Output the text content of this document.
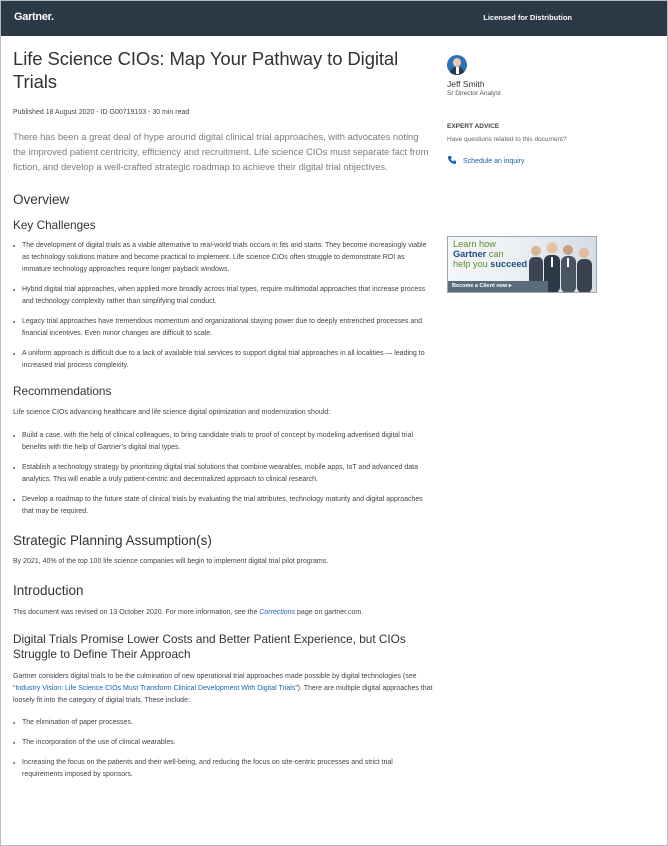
Gartner.	Licensed for Distribution
Life Science CIOs: Map Your Pathway to Digital Trials
Published 18 August 2020 - ID G00719103 - 30 min read

There has been a great deal of hype around digital clinical trial approaches, with advocates noting the improved patient centricity, efficiency and recruitment. Life science CIOs must separate fact from fiction, and develop a well-crafted strategic roadmap to achieve their digital trial objectives.

Overview
Key Challenges
■ The development of digital trials as a viable alternative to real-world trials occurs in fits and starts. They become increasingly viable as technology solutions mature and become practical to implement. Life science CIOs often struggle to demonstrate ROI as immature technology approaches require longer payback windows.
■ Hybrid digital trial approaches, when applied more broadly across trial types, require multimodal approaches that increase process and technology complexity rather than simplifying trial conduct.
■ Legacy trial approaches have tremendous momentum and organizational staying power due to deeply entrenched processes and financial incentives. Even minor changes are difficult to scale.
■ A uniform approach is difficult due to a lack of available trial services to support digital trial approaches in all localities — leading to increased trial process complexity.
Recommendations

Life science CIOs advancing healthcare and life science digital optimization and modernization should:

■ Build a case, with the help of clinical colleagues, to bring candidate trials to proof of concept by modeling advertised digital trial benefits with the help of Gartner’s digital trial types.
■ Establish a technology strategy by prioritizing digital trial solutions that combine wearables, mobile apps, IoT and advanced data analytics. This will enable a truly patient-centric and decentralized approach to clinical research.
■ Develop a roadmap to the future state of clinical trials by evaluating the trial attributes, technology maturity and digital approaches that may be required.
Strategic Planning Assumption(s)

By 2021, 40% of the top 100 life science companies will begin to implement digital trial pilot programs.

Introduction

This document was revised on 13 October 2020. For more information, see the Corrections page on gartner.com.

Digital Trials Promise Lower Costs and Better Patient Experience, but CIOs Struggle to Define Their Approach

Gartner considers digital trials to be the culmination of new operational trial approaches made possible by digital technologies (see “Industry Vision: Life Science CIOs Must Transform Clinical Development With Digital Trials”). There are multiple digital approaches that loosely fit into the category of digital trials. These include:

■ The elimination of paper processes.
■ The incorporation of the use of clinical wearables.
■ Increasing the focus on the patients and their well-being, and reducing the focus on site-centric processes and strict trial requirements imposed by sponsors.
Jeff Smith
Sr Director Analyst
EXPERT ADVICE
Have questions related to this document?
Schedule an inquiry
Learn how
Gartner can
help you succeed
Become a Client now ▸
